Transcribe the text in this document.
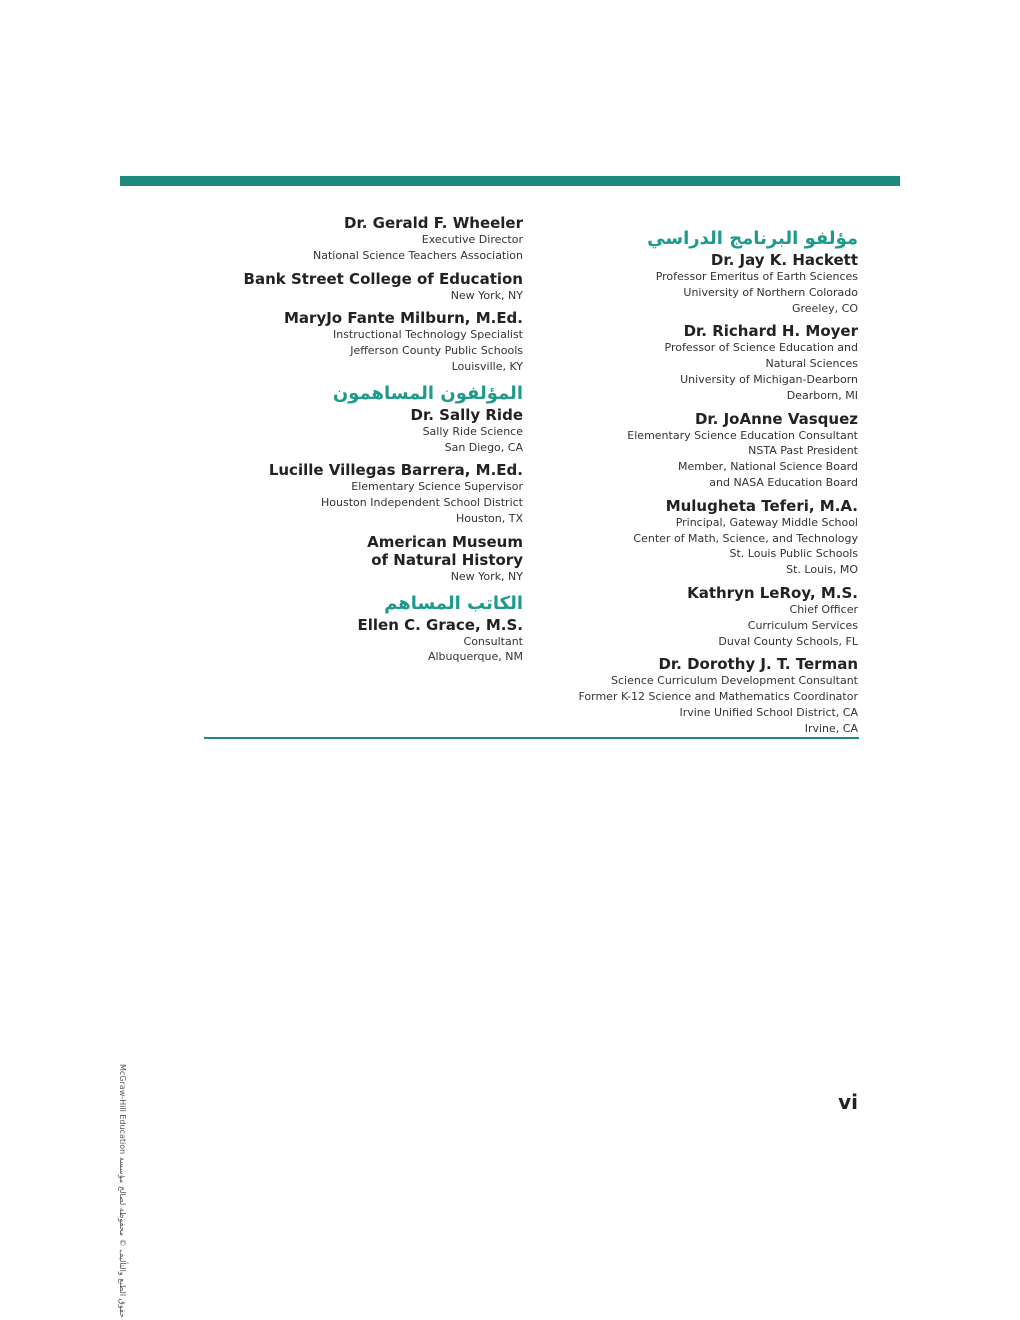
Dr. Gerald F. Wheeler
Executive Director
National Science Teachers Association
Bank Street College of Education
New York, NY
MaryJo Fante Milburn, M.Ed.
Instructional Technology Specialist
Jefferson County Public Schools
Louisville, KY
المؤلفون المساهمون
Dr. Sally Ride
Sally Ride Science
San Diego, CA
Lucille Villegas Barrera, M.Ed.
Elementary Science Supervisor
Houston Independent School District
Houston, TX
American Museum
of Natural History
New York, NY
الكاتب المساهم
Ellen C. Grace, M.S.
Consultant
Albuquerque, NM
مؤلفو البرنامج الدراسي
Dr. Jay K. Hackett
Professor Emeritus of Earth Sciences
University of Northern Colorado
Greeley, CO
Dr. Richard H. Moyer
Professor of Science Education and
Natural Sciences
University of Michigan-Dearborn
Dearborn, MI
Dr. JoAnne Vasquez
Elementary Science Education Consultant
NSTA Past President
Member, National Science Board
and NASA Education Board
Mulugheta Teferi, M.A.
Principal, Gateway Middle School
Center of Math, Science, and Technology
St. Louis Public Schools
St. Louis, MO
Kathryn LeRoy, M.S.
Chief Officer
Curriculum Services
Duval County Schools, FL
Dr. Dorothy J. T. Terman
Science Curriculum Development Consultant
Former K-12 Science and Mathematics Coordinator
Irvine Unified School District, CA
Irvine, CA
حقوق الطبع والتأليف © محفوظة لصالح مؤسسة McGraw-Hill Education
vi
